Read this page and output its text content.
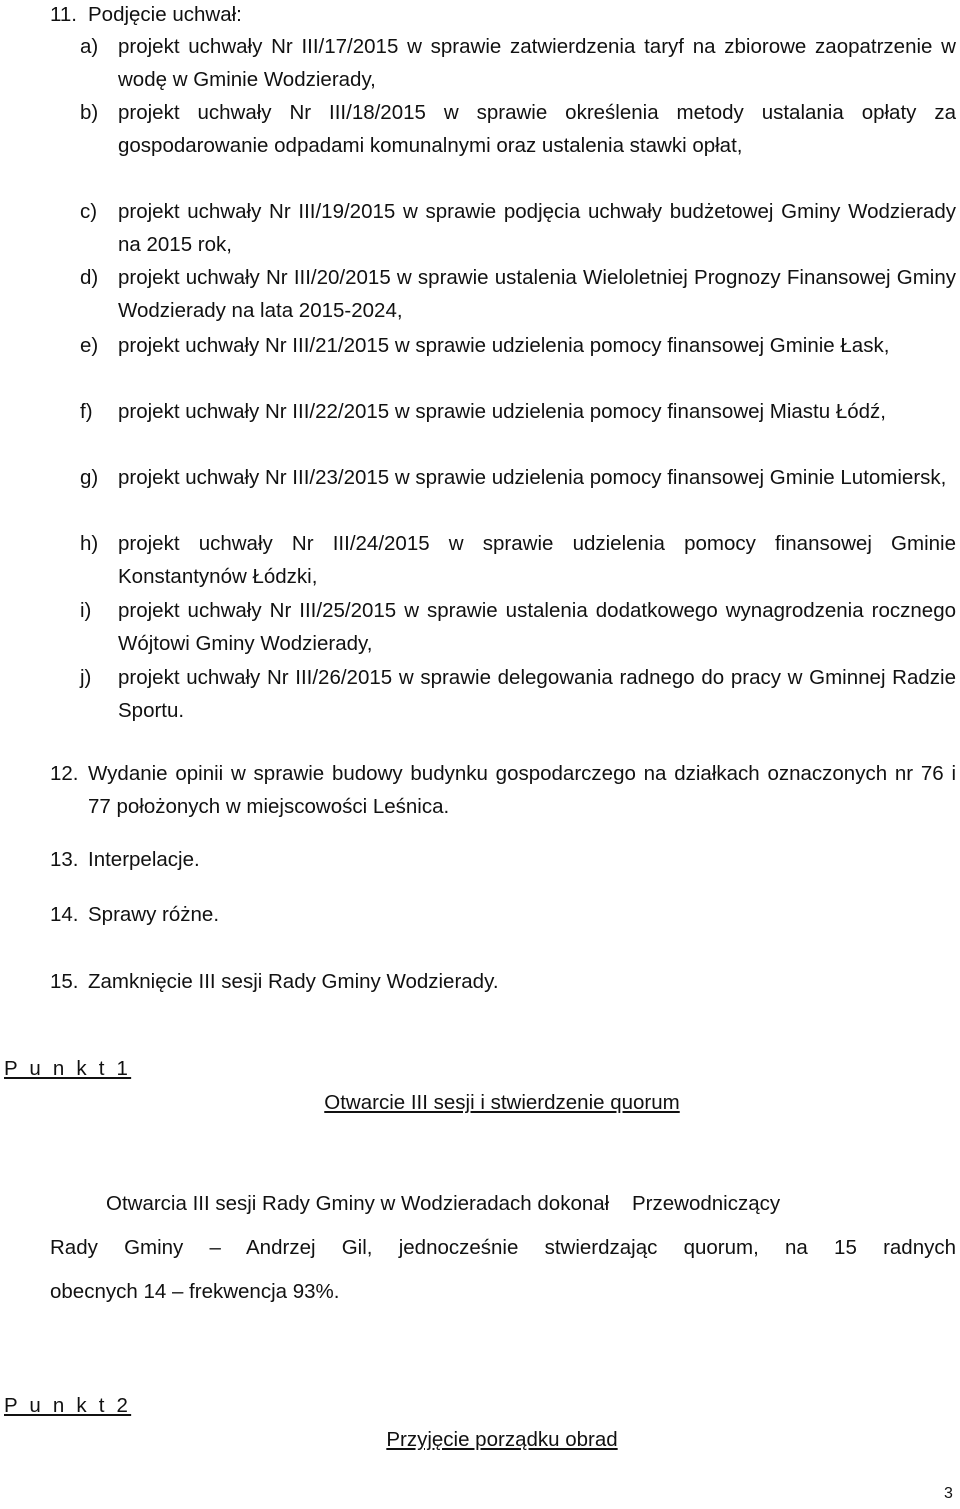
11. Podjęcie uchwał:
a) projekt uchwały Nr III/17/2015 w sprawie zatwierdzenia taryf na zbiorowe zaopatrzenie w wodę w Gminie Wodzierady,
b) projekt uchwały Nr III/18/2015 w sprawie określenia metody ustalania opłaty za gospodarowanie odpadami komunalnymi oraz ustalenia stawki opłat,
c)	projekt uchwały Nr III/19/2015 w sprawie podjęcia uchwały budżetowej Gminy Wodzierady na 2015 rok,
d) projekt uchwały Nr III/20/2015 w sprawie ustalenia Wieloletniej Prognozy Finansowej Gminy Wodzierady na lata 2015-2024,
e) projekt uchwały Nr III/21/2015 w sprawie udzielenia pomocy finansowej Gminie Łask,
f)	projekt uchwały Nr III/22/2015 w sprawie udzielenia pomocy finansowej Miastu Łódź,
g) projekt uchwały Nr III/23/2015 w sprawie udzielenia pomocy finansowej Gminie Lutomiersk,
h) projekt uchwały Nr III/24/2015 w sprawie udzielenia pomocy finansowej Gminie Konstantynów Łódzki,
i)	projekt uchwały Nr III/25/2015 w sprawie ustalenia dodatkowego wynagrodzenia rocznego Wójtowi Gminy Wodzierady,
j)	projekt uchwały Nr III/26/2015 w sprawie delegowania radnego do pracy w Gminnej Radzie Sportu.
12. Wydanie opinii w sprawie budowy budynku gospodarczego na działkach oznaczonych nr 76 i 77 położonych w miejscowości Leśnica.
13. Interpelacje.
14. Sprawy różne.
15. Zamknięcie III sesji Rady Gminy Wodzierady.
P u n k t 1
Otwarcie III sesji i stwierdzenie quorum
Otwarcia III sesji Rady Gminy w Wodzieradach dokonał    Przewodniczący
Rady Gminy – Andrzej Gil, jednocześnie stwierdzając quorum, na 15 radnych
obecnych 14 – frekwencja 93%.
P u n k t 2
Przyjęcie porządku obrad
3
